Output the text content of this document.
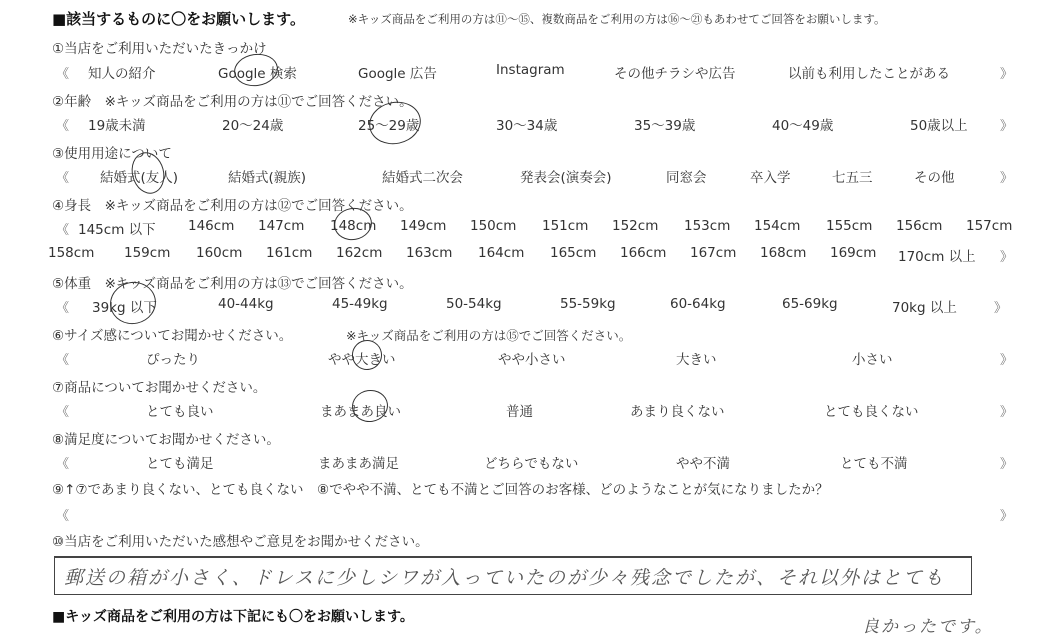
■該当するものに〇をお願いします。	※キッズ商品をご利用の方は⑪～⑮、複数商品をご利用の方は⑯～㉑もあわせてご回答をお願いします。
①当店をご利用いただいたきっかけ
《 知人の紹介	Google 検索	Google 広告	Instagram	その他チラシや広告	以前も利用したことがある	》
②年齢　※キッズ商品をご利用の方は⑪でご回答ください。
《 19歳未満	20～24歳	25～29歳	30～34歳	35～39歳	40～49歳	50歳以上 》
③使用用途について
《 結婚式(友人)	結婚式(親族)	結婚式二次会	発表会(演奏会)	同窓会	卒入学	七五三	その他	》
④身長　※キッズ商品をご利用の方は⑫でご回答ください。
《 145cm 以下 146cm 147cm 148cm 149cm 150cm 151cm 152cm 153cm 154cm 155cm 156cm 157cm
158cm 159cm 160cm 161cm 162cm 163cm 164cm 165cm 166cm 167cm 168cm 169cm 170cm 以上 》
⑤体重　※キッズ商品をご利用の方は⑬でご回答ください。
《 39kg 以下	40-44kg	45-49kg	50-54kg	55-59kg	60-64kg	65-69kg	70kg 以上	》
⑥サイズ感についてお聞かせください。	※キッズ商品をご利用の方は⑮でご回答ください。
《	ぴったり	やや大きい	やや小さい	大きい	小さい	》
⑦商品についてお聞かせください。
《	とても良い	まあまあ良い	普通	あまり良くない	とても良くない	》
⑧満足度についてお聞かせください。
《	とても満足	まあまあ満足	どちらでもない	やや不満	とても不満	》
⑨↑⑦であまり良くない、とても良くない　⑧でやや不満、とても不満とご回答のお客様、どのようなことが気になりましたか？
《	》
⑩当店をご利用いただいた感想やご意見をお聞かせください。
郵送の箱が小さく、ドレスに少しシワが入っていたのが少々残念でしたが、それ以外はとても
良かったです。
■キッズ商品をご利用の方は下記にも〇をお願いします。
